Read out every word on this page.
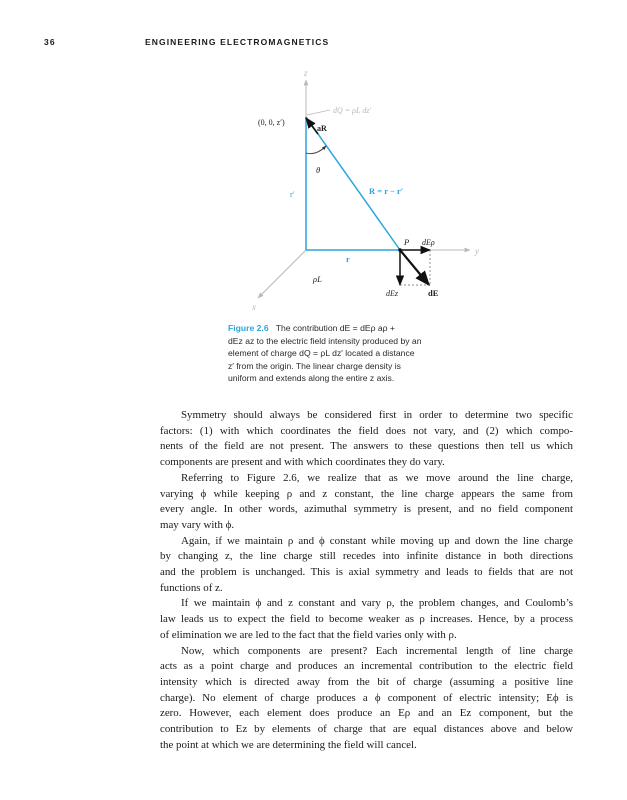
36	ENGINEERING ELECTROMAGNETICS
z
y
x
dQ = ρL dz′
(0, 0, z′)
aR
θ
r′	R = r − r′
r
P dEρ
dEz	dE
ρL
Figure 2.6 The contribution dE = dEρ aρ +
dEz az to the electric field intensity produced by an
element of charge dQ = ρL dz′ located a distance
z′ from the origin. The linear charge density is
uniform and extends along the entire z axis.

Symmetry should always be considered first in order to determine two specific
factors: (1) with which coordinates the field does not vary, and (2) which compo-
nents of the field are not present. The answers to these questions then tell us which
components are present and with which coordinates they do vary.

Referring to Figure 2.6, we realize that as we move around the line charge,
varying ϕ while keeping ρ and z constant, the line charge appears the same from
every angle. In other words, azimuthal symmetry is present, and no field component
may vary with ϕ.

Again, if we maintain ρ and ϕ constant while moving up and down the line charge
by changing z, the line charge still recedes into infinite distance in both directions
and the problem is unchanged. This is axial symmetry and leads to fields that are not
functions of z.

If we maintain ϕ and z constant and vary ρ, the problem changes, and Coulomb’s
law leads us to expect the field to become weaker as ρ increases. Hence, by a process
of elimination we are led to the fact that the field varies only with ρ.

Now, which components are present? Each incremental length of line charge
acts as a point charge and produces an incremental contribution to the electric field
intensity which is directed away from the bit of charge (assuming a positive line
charge). No element of charge produces a ϕ component of electric intensity; Eϕ is
zero. However, each element does produce an Eρ and an Ez component, but the
contribution to Ez by elements of charge that are equal distances above and below
the point at which we are determining the field will cancel.
